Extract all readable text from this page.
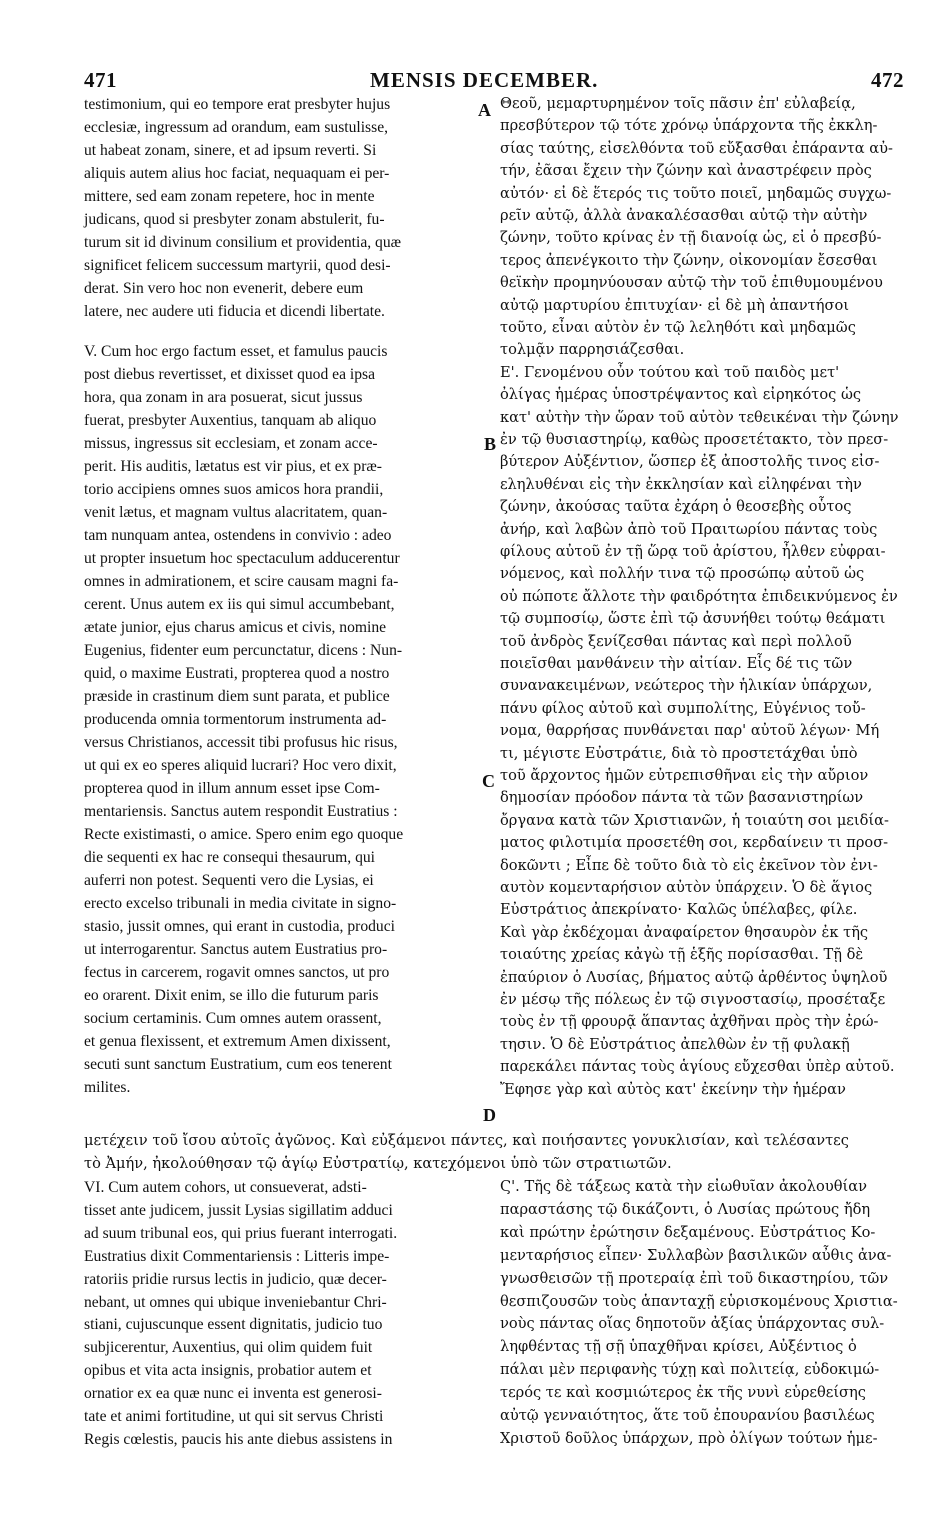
471	MENSIS DECEMBER.	472
A
B
C
D
testimonium, qui eo tempore erat presbyter hujus
ecclesiæ, ingressum ad orandum, eam sustulisse,
ut habeat zonam, sinere, et ad ipsum reverti. Si
aliquis autem alius hoc faciat, nequaquam ei per-
mittere, sed eam zonam repetere, hoc in mente
judicans, quod si presbyter zonam abstulerit, fu-
turum sit id divinum consilium et providentia, quæ
significet felicem successum martyrii, quod desi-
derat. Sin vero hoc non evenerit, debere eum
latere, nec audere uti fiducia et dicendi libertate.
V. Cum hoc ergo factum esset, et famulus paucis
post diebus revertisset, et dixisset quod ea ipsa
hora, qua zonam in ara posuerat, sicut jussus
fuerat, presbyter Auxentius, tanquam ab aliquo
missus, ingressus sit ecclesiam, et zonam acce-
perit. His auditis, lætatus est vir pius, et ex præ-
torio accipiens omnes suos amicos hora prandii,
venit lætus, et magnam vultus alacritatem, quan-
tam nunquam antea, ostendens in convivio : adeo
ut propter insuetum hoc spectaculum adducerentur
omnes in admirationem, et scire causam magni fa-
cerent. Unus autem ex iis qui simul accumbebant,
ætate junior, ejus charus amicus et civis, nomine
Eugenius, fidenter eum percunctatur, dicens : Nun-
quid, o maxime Eustrati, propterea quod a nostro
præside in crastinum diem sunt parata, et publice
producenda omnia tormentorum instrumenta ad-
versus Christianos, accessit tibi profusus hic risus,
ut qui ex eo speres aliquid lucrari? Hoc vero dixit,
propterea quod in illum annum esset ipse Com-
mentariensis. Sanctus autem respondit Eustratius :
Recte existimasti, o amice. Spero enim ego quoque
die sequenti ex hac re consequi thesaurum, qui
auferri non potest. Sequenti vero die Lysias, ei
erecto excelso tribunali in media civitate in signo-
stasio, jussit omnes, qui erant in custodia, produci
ut interrogarentur. Sanctus autem Eustratius pro-
fectus in carcerem, rogavit omnes sanctos, ut pro
eo orarent. Dixit enim, se illo die futurum paris
socium certaminis. Cum omnes autem orassent,
et genua flexissent, et extremum Amen dixissent,
secuti sunt sanctum Eustratium, cum eos tenerent
milites.
Θεοῦ, μεμαρτυρημένον τοῖς πᾶσιν ἐπ' εὐλαβείᾳ,
πρεσβύτερον τῷ τότε χρόνῳ ὑπάρχοντα τῆς ἐκκλη-
σίας ταύτης, εἰσελθόντα τοῦ εὔξασθαι ἐπάραντα αὐ-
τήν, ἐᾶσαι ἔχειν τὴν ζώνην καὶ ἀναστρέφειν πρὸς
αὐτόν· εἰ δὲ ἕτερός τις τοῦτο ποιεῖ, μηδαμῶς συγχω-
ρεῖν αὐτῷ, ἀλλὰ ἀνακαλέσασθαι αὐτῷ τὴν αὐτὴν
ζώνην, τοῦτο κρίνας ἐν τῇ διανοίᾳ ὡς, εἰ ὁ πρεσβύ-
τερος ἀπενέγκοιτο τὴν ζώνην, οἰκονομίαν ἔσεσθαι
θεϊκὴν προμηνύουσαν αὐτῷ τὴν τοῦ ἐπιθυμουμένου
αὐτῷ μαρτυρίου ἐπιτυχίαν· εἰ δὲ μὴ ἀπαντήσοι
τοῦτο, εἶναι αὐτὸν ἐν τῷ λεληθότι καὶ μηδαμῶς
τολμᾷν παρρησιάζεσθαι.
Ε'. Γενομένου οὖν τούτου καὶ τοῦ παιδὸς μετ'
ὀλίγας ἡμέρας ὑποστρέψαντος καὶ εἰρηκότος ὡς
κατ' αὐτὴν τὴν ὥραν τοῦ αὐτὸν τεθεικέναι τὴν ζώνην
ἐν τῷ θυσιαστηρίῳ, καθὼς προσετέτακτο, τὸν πρεσ-
βύτερον Αὐξέντιον, ὥσπερ ἐξ ἀποστολῆς τινος εἰσ-
εληλυθέναι εἰς τὴν ἐκκλησίαν καὶ εἰληφέναι τὴν
ζώνην, ἀκούσας ταῦτα ἐχάρη ὁ θεοσεβὴς οὗτος
ἀνήρ, καὶ λαβὼν ἀπὸ τοῦ Πραιτωρίου πάντας τοὺς
φίλους αὐτοῦ ἐν τῇ ὥρᾳ τοῦ ἀρίστου, ἦλθεν εὐφραι-
νόμενος, καὶ πολλήν τινα τῷ προσώπῳ αὐτοῦ ὡς
οὐ πώποτε ἄλλοτε τὴν φαιδρότητα ἐπιδεικνύμενος ἐν
τῷ συμποσίῳ, ὥστε ἐπὶ τῷ ἀσυνήθει τούτῳ θεάματι
τοῦ ἀνδρὸς ξενίζεσθαι πάντας καὶ περὶ πολλοῦ
ποιεῖσθαι μανθάνειν τὴν αἰτίαν. Εἷς δέ τις τῶν
συνανακειμένων, νεώτερος τὴν ἡλικίαν ὑπάρχων,
πάνυ φίλος αὐτοῦ καὶ συμπολίτης, Εὐγένιος τοὔ-
νομα, θαρρήσας πυνθάνεται παρ' αὐτοῦ λέγων· Μή
τι, μέγιστε Εὐστράτιε, διὰ τὸ προστετάχθαι ὑπὸ
τοῦ ἄρχοντος ἡμῶν εὐτρεπισθῆναι εἰς τὴν αὔριον
δημοσίαν πρόοδον πάντα τὰ τῶν βασανιστηρίων
ὄργανα κατὰ τῶν Χριστιανῶν, ἡ τοιαύτη σοι μειδία-
ματος φιλοτιμία προσετέθη σοι, κερδαίνειν τι προσ-
δοκῶντι ; Εἶπε δὲ τοῦτο διὰ τὸ εἰς ἐκεῖνον τὸν ἐνι-
αυτὸν κομενταρήσιον αὐτὸν ὑπάρχειν. Ὁ δὲ ἅγιος
Εὐστράτιος ἀπεκρίνατο· Καλῶς ὑπέλαβες, φίλε.
Καὶ γὰρ ἐκδέχομαι ἀναφαίρετον θησαυρὸν ἐκ τῆς
τοιαύτης χρείας κἀγὼ τῇ ἑξῆς πορίσασθαι. Τῇ δὲ
ἐπαύριον ὁ Λυσίας, βήματος αὐτῷ ἀρθέντος ὑψηλοῦ
ἐν μέσῳ τῆς πόλεως ἐν τῷ σιγνοστασίῳ, προσέταξε
τοὺς ἐν τῇ φρουρᾷ ἅπαντας ἀχθῆναι πρὸς τὴν ἐρώ-
τησιν. Ὁ δὲ Εὐστράτιος ἀπελθὼν ἐν τῇ φυλακῇ
παρεκάλει πάντας τοὺς ἁγίους εὔχεσθαι ὑπὲρ αὐτοῦ.
Ἔφησε γὰρ καὶ αὐτὸς κατ' ἐκείνην τὴν ἡμέραν
μετέχειν τοῦ ἴσου αὐτοῖς ἀγῶνος. Καὶ εὐξάμενοι πάντες, καὶ ποιήσαντες γονυκλισίαν, καὶ τελέσαντες
τὸ Ἀμήν, ἠκολούθησαν τῷ ἁγίῳ Εὐστρατίῳ, κατεχόμενοι ὑπὸ τῶν στρατιωτῶν.
VI. Cum autem cohors, ut consueverat, adsti-
tisset ante judicem, jussit Lysias sigillatim adduci
ad suum tribunal eos, qui prius fuerant interrogati.
Eustratius dixit Commentariensis : Litteris impe-
ratoriis pridie rursus lectis in judicio, quæ decer-
nebant, ut omnes qui ubique inveniebantur Chri-
stiani, cujuscunque essent dignitatis, judicio tuo
subjicerentur, Auxentius, qui olim quidem fuit
opibus et vita acta insignis, probatior autem et
ornatior ex ea quæ nunc ei inventa est generosi-
tate et animi fortitudine, ut qui sit servus Christi
Regis cœlestis, paucis his ante diebus assistens in
Ϛ'. Τῆς δὲ τάξεως κατὰ τὴν εἰωθυῖαν ἀκολουθίαν
παραστάσης τῷ δικάζοντι, ὁ Λυσίας πρώτους ἤδη
καὶ πρώτην ἐρώτησιν δεξαμένους. Εὐστράτιος Κο-
μενταρήσιος εἶπεν· Συλλαβὼν βασιλικῶν αὖθις ἀνα-
γνωσθεισῶν τῇ προτεραίᾳ ἐπὶ τοῦ δικαστηρίου, τῶν
θεσπιζουσῶν τοὺς ἁπανταχῇ εὑρισκομένους Χριστια-
νοὺς πάντας οἵας δηποτοῦν ἀξίας ὑπάρχοντας συλ-
ληφθέντας τῇ σῇ ὑπαχθῆναι κρίσει, Αὐξέντιος ὁ
πάλαι μὲν περιφανὴς τύχῃ καὶ πολιτείᾳ, εὐδοκιμώ-
τερός τε καὶ κοσμιώτερος ἐκ τῆς νυνὶ εὑρεθείσης
αὐτῷ γενναιότητος, ἅτε τοῦ ἐπουρανίου βασιλέως
Χριστοῦ δοῦλος ὑπάρχων, πρὸ ὀλίγων τούτων ἡμε-
